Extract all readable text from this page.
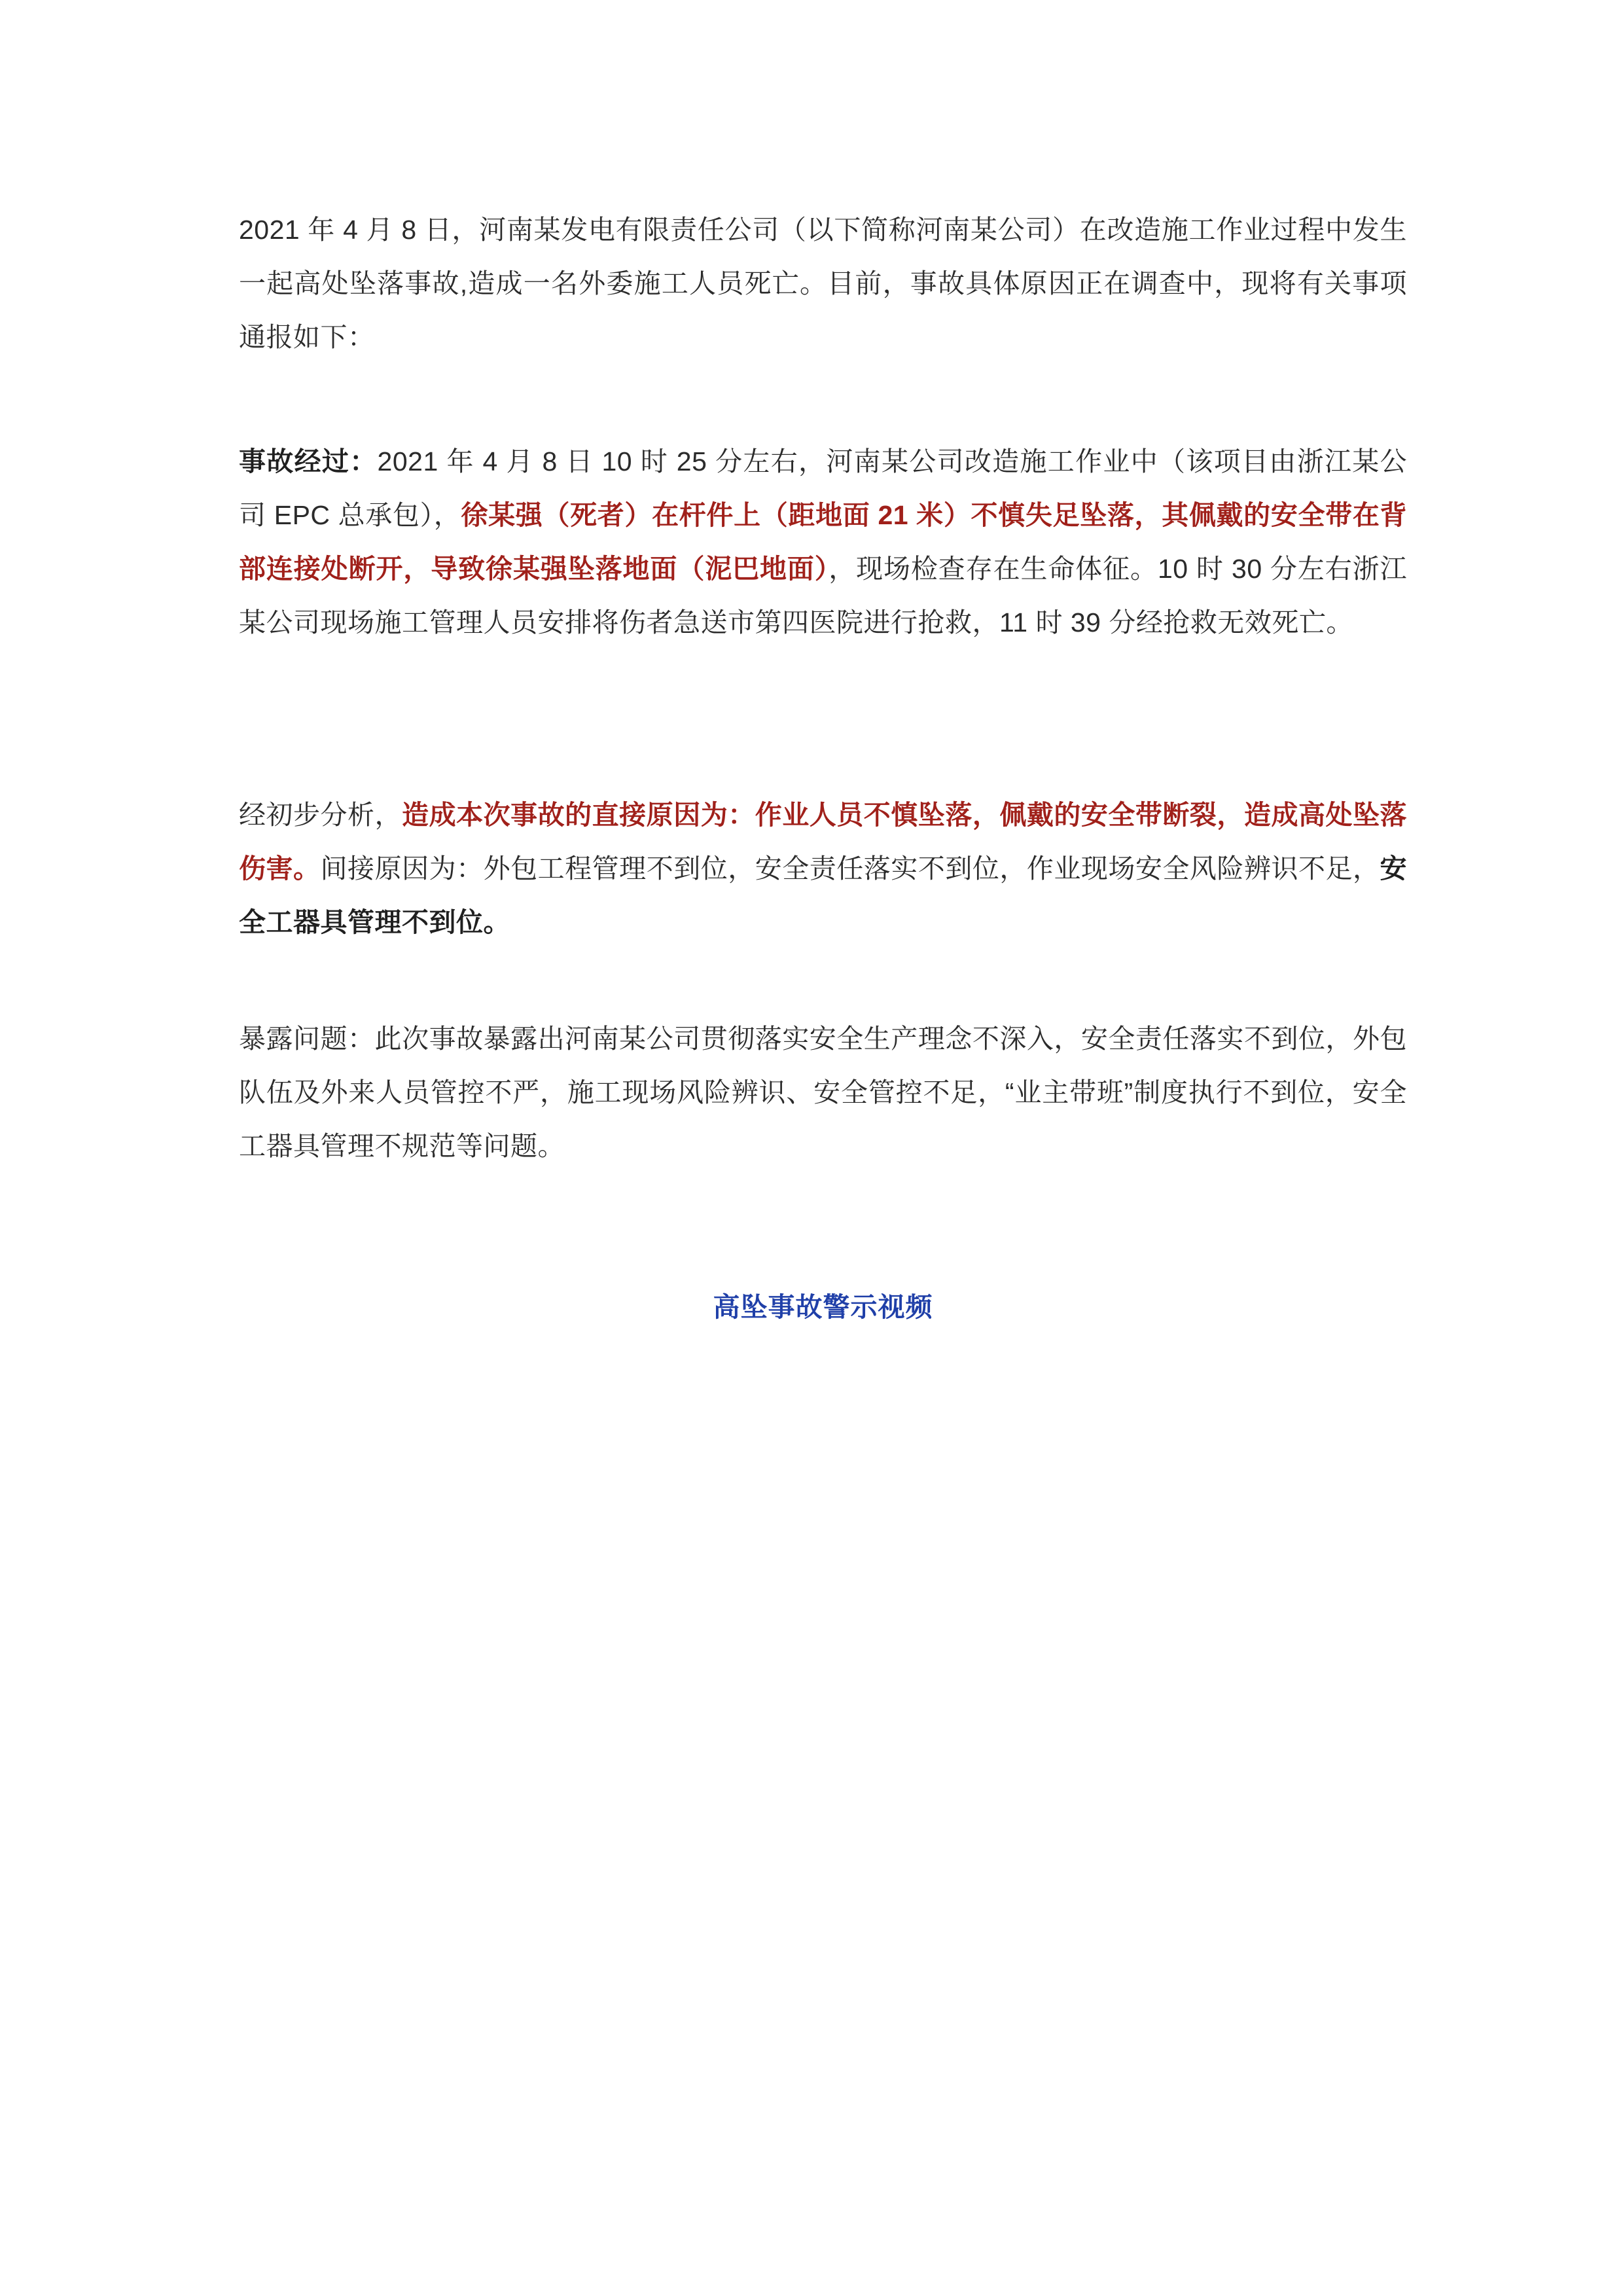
2021 年 4 月 8 日，河南某发电有限责任公司（以下简称河南某公司）在改造施工作业过程中发生一起高处坠落事故,造成一名外委施工人员死亡。目前，事故具体原因正在调查中，现将有关事项通报如下：

事故经过：2021 年 4 月 8 日 10 时 25 分左右，河南某公司改造施工作业中（该项目由浙江某公司 EPC 总承包），徐某强（死者）在杆件上（距地面 21 米）不慎失足坠落，其佩戴的安全带在背部连接处断开，导致徐某强坠落地面（泥巴地面），现场检查存在生命体征。10 时 30 分左右浙江某公司现场施工管理人员安排将伤者急送市第四医院进行抢救，11 时 39 分经抢救无效死亡。

经初步分析，造成本次事故的直接原因为：作业人员不慎坠落，佩戴的安全带断裂，造成高处坠落伤害。间接原因为：外包工程管理不到位，安全责任落实不到位，作业现场安全风险辨识不足，安全工器具管理不到位。

暴露问题：此次事故暴露出河南某公司贯彻落实安全生产理念不深入，安全责任落实不到位，外包队伍及外来人员管控不严，施工现场风险辨识、安全管控不足，“业主带班”制度执行不到位，安全工器具管理不规范等问题。

高坠事故警示视频
